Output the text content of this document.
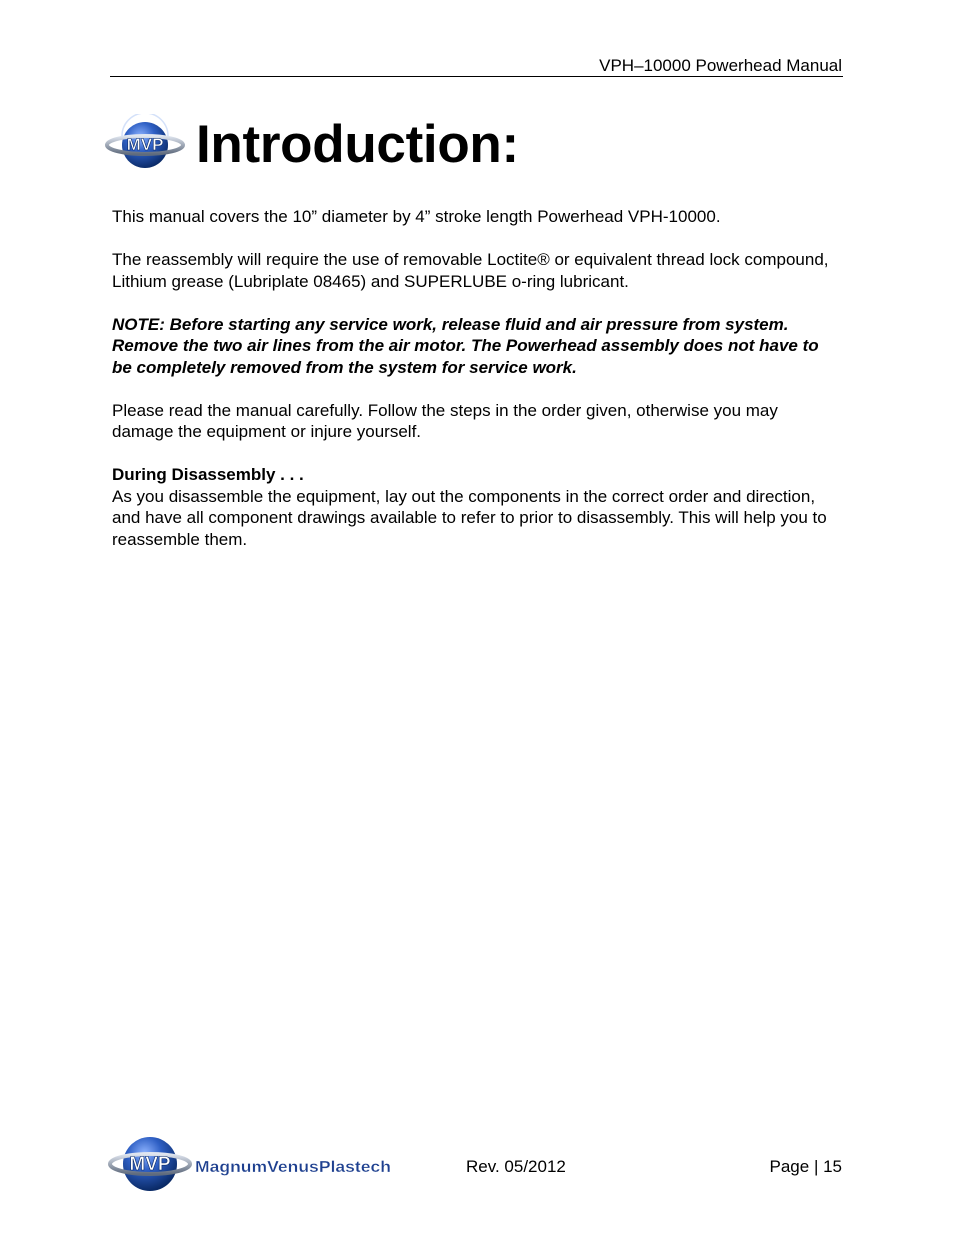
VPH–10000 Powerhead Manual
MVP Introduction:

This manual covers the 10” diameter by 4” stroke length Powerhead VPH-10000.

The reassembly will require the use of removable Loctite® or equivalent thread lock compound, Lithium grease (Lubriplate 08465) and SUPERLUBE o-ring lubricant.

NOTE: Before starting any service work, release fluid and air pressure from system. Remove the two air lines from the air motor. The Powerhead assembly does not have to be completely removed from the system for service work.

Please read the manual carefully. Follow the steps in the order given, otherwise you may damage the equipment or injure yourself.

During Disassembly . . .
As you disassemble the equipment, lay out the components in the correct order and direction, and have all component drawings available to refer to prior to disassembly. This will help you to reassemble them.

MVP MagnumVenusPlastech	Rev. 05/2012	Page | 15
